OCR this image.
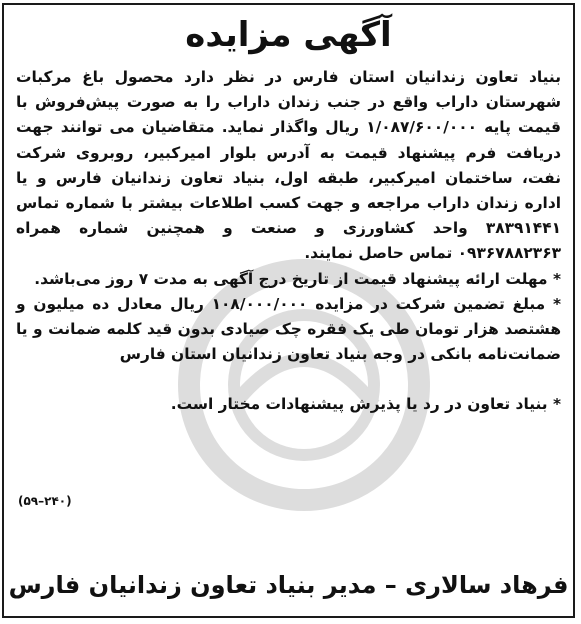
آگهی مزایده

بنیاد تعاون زندانیان استان فارس در نظر دارد محصول باغ مرکبات شهرستان داراب واقع در جنب زندان داراب را به صورت پیش‌فروش با قیمت پایه ۱/۰۸۷/۶۰۰/۰۰۰ ریال واگذار نماید. متقاضیان می توانند جهت دریافت فرم پیشنهاد قیمت به آدرس بلوار امیرکبیر، روبروی شرکت نفت، ساختمان امیرکبیر، طبقه اول، بنیاد تعاون زندانیان فارس و یا اداره زندان داراب مراجعه و جهت کسب اطلاعات بیشتر با شماره تماس ۳۸۳۹۱۴۴۱ واحد کشاورزی و صنعت و همچنین شماره همراه ۰۹۳۶۷۸۸۲۳۶۳ تماس حاصل نمایند.

* مهلت ارائه پیشنهاد قیمت از تاریخ درج آگهی به مدت ۷ روز می‌باشد.

* مبلغ تضمین شرکت در مزایده ۱۰۸/۰۰۰/۰۰۰ ریال معادل ده میلیون و هشتصد هزار تومان طی یک فقره چک صیادی بدون قید کلمه ضمانت و یا ضمانت‌نامه بانکی در وجه بنیاد تعاون زندانیان استان فارس

* بنیاد تعاون در رد یا پذیرش پیشنهادات مختار است.

(۵۹–۲۴۰)
فرهاد سالاری – مدیر بنیاد تعاون زندانیان فارس
